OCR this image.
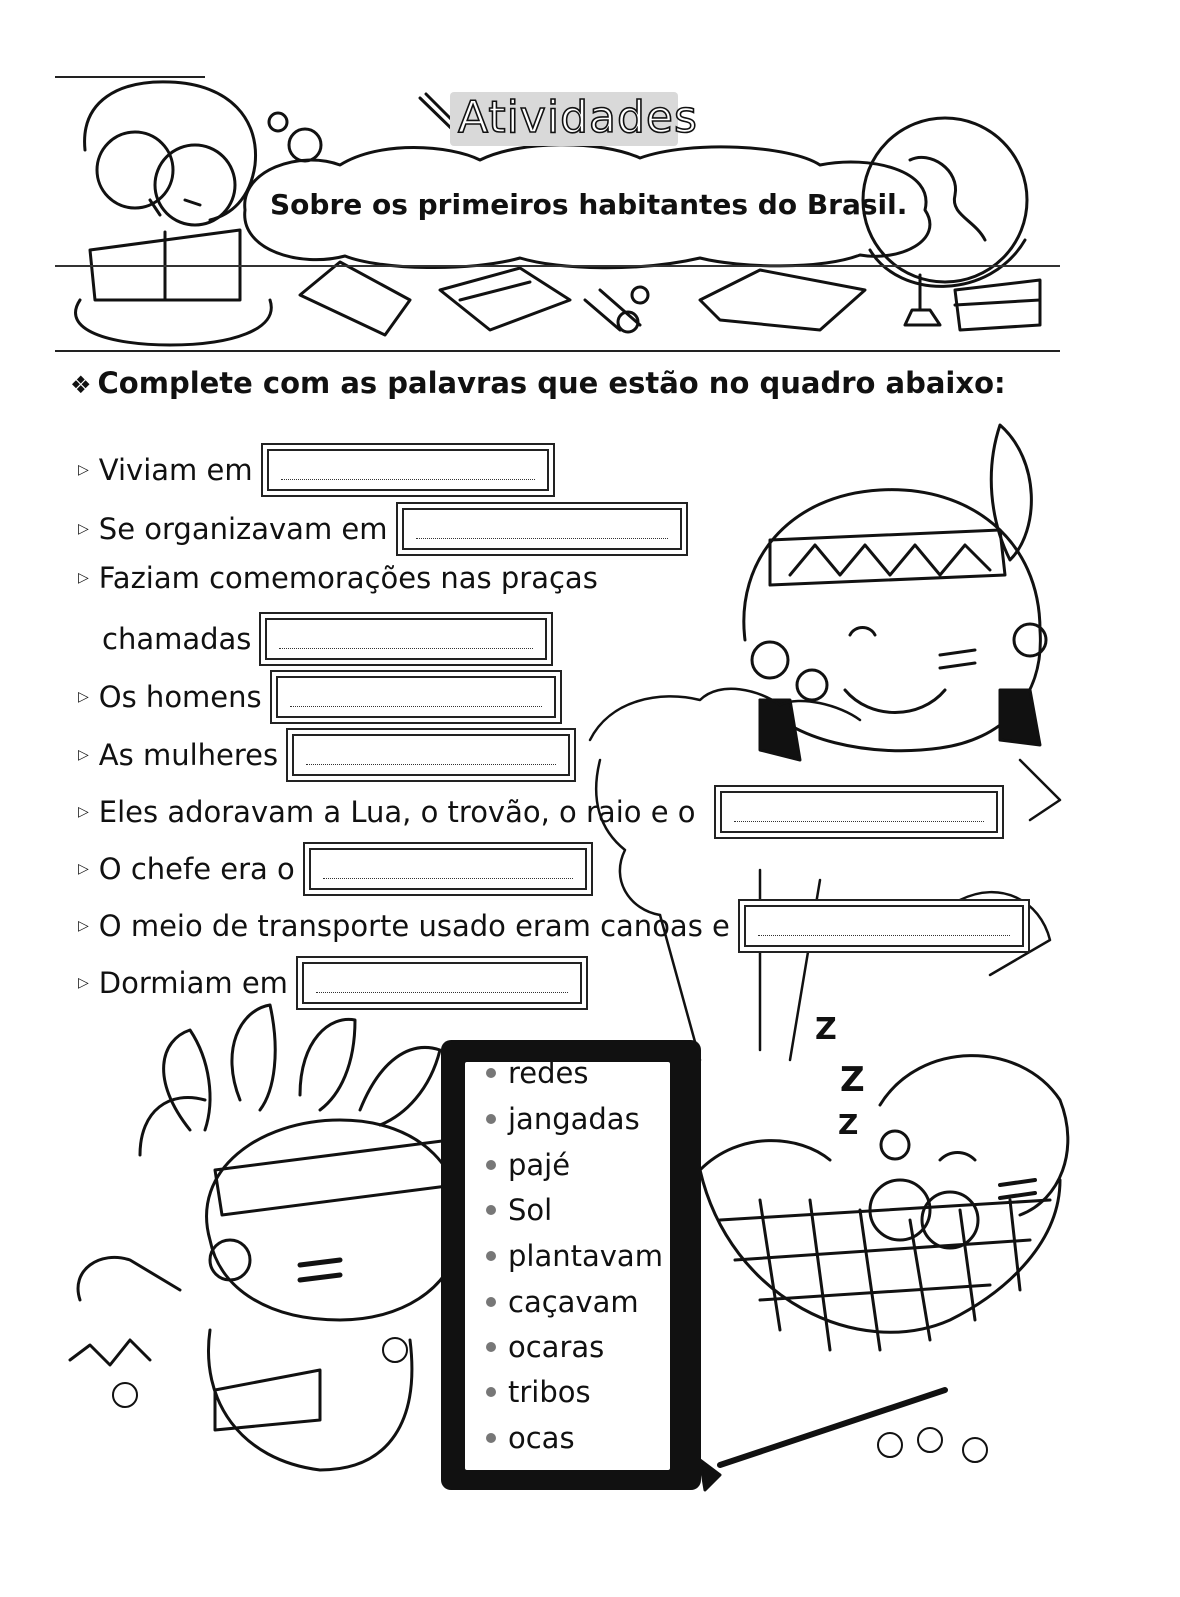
Atividades
Sobre os primeiros habitantes do Brasil.
❖ Complete com as palavras que estão no quadro abaixo:
▷ Viviam em
▷ Se organizavam em
▷ Faziam comemorações nas praças
chamadas
▷ Os homens
▷ As mulheres
▷ Eles adoravam a Lua, o trovão, o raio e o
▷ O chefe era o
▷ O meio de transporte usado eram canoas e
▷ Dormiam em
Z
Z
Z
redes
jangadas
pajé
Sol
plantavam
caçavam
ocaras
tribos
ocas
